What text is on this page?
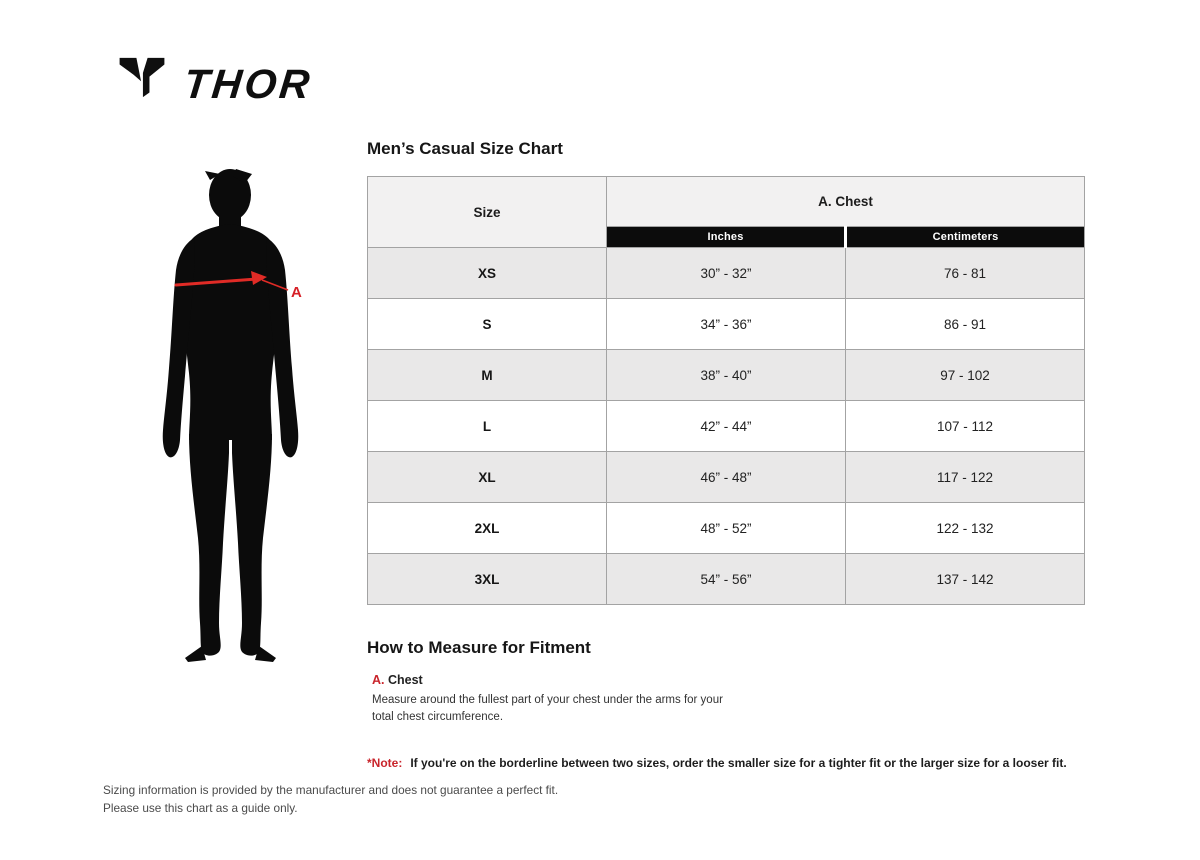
THOR
A
Men’s Casual Size Chart
Size	A. Chest	
	Inches	Centimeters
XS	30” - 32”	76 - 81
S	34” - 36”	86 - 91
M	38” - 40”	97 - 102
L	42” - 44”	107 - 112
XL	46” - 48”	117 - 122
2XL	48” - 52”	122 - 132
3XL	54” - 56”	137 - 142
How to Measure for Fitment
A. Chest

Measure around the fullest part of your chest under the arms for your total chest circumference.

*Note: If you're on the borderline between two sizes, order the smaller size for a tighter fit or the larger size for a looser fit.

Sizing information is provided by the manufacturer and does not guarantee a perfect fit.
Please use this chart as a guide only.
